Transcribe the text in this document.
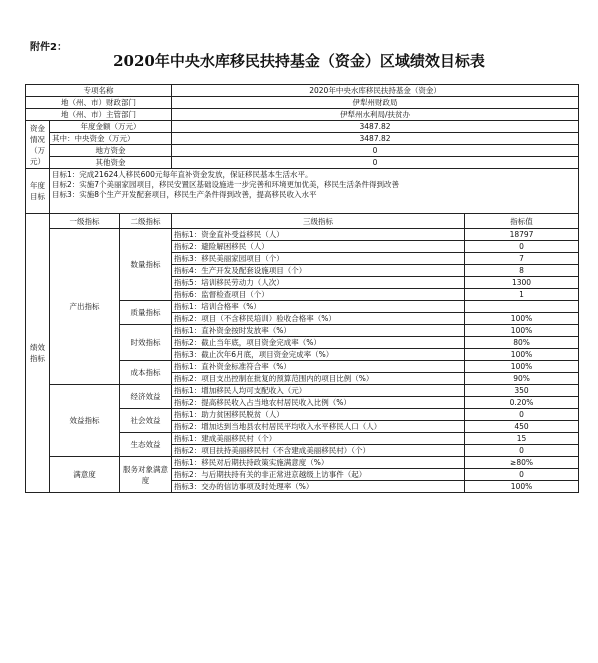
附件2：
2020年中央水库移民扶持基金（资金）区域绩效目标表
专项名称			2020年中央水库移民扶持基金（资金）	
地（州、市）财政部门			伊犁州财政局	
地（州、市）主管部门			伊犁州水利局/扶贫办	
资金情况（万元）	年度金额（万元）		3487.82	
	其中：中央资金（万元）		3487.82	
	地方资金		0	
	其他资金		0	
年度目标	目标1：完成21624人移民600元每年直补资金发放，保证移民基本生活水平。
目标2：实施7个美丽家园项目，移民安置区基础设施进一步完善和环境更加优美，移民生活条件得到改善
目标3：实施8个生产开发配套项目，移民生产条件得到改善，提高移民收入水平			

绩效指标	一级指标	二级指标	三级指标	指标值
	产出指标	数量指标	指标1：资金直补受益移民（人）	18797
			指标2：避险解困移民（人）	0
			指标3：移民美丽家园项目（个）	7
			指标4：生产开发及配套设施项目（个）	8
			指标5：培训移民劳动力（人次）	1300
			指标6：监督检查项目（个）	1
		质量指标	指标1：培训合格率（%）	
			指标2：项目（不含移民培训）验收合格率（%）	100%
		时效指标	指标1：直补资金按时发放率（%）	100%
			指标2：截止当年底，项目资金完成率（%）	80%
			指标3：截止次年6月底，项目资金完成率（%）	100%
		成本指标	指标1：直补资金标准符合率（%）	100%
			指标2：项目支出控制在批复的预算范围内的项目比例（%）	90%
	效益指标	经济效益	指标1：增加移民人均可支配收入（元）	350
			指标2：提高移民收入占当地农村居民收入比例（%）	0.20%
		社会效益	指标1：助力贫困移民脱贫（人）	0
			指标2：增加达到当地县农村居民平均收入水平移民人口（人）	450
		生态效益	指标1：建成美丽移民村（个）	15
			指标2：项目扶持美丽移民村（不含建成美丽移民村）（个）	0
	满意度	服务对象满意度	指标1：移民对后期扶持政策实施满意度（%）	≥80%
			指标2：与后期扶持有关的非正常进京越级上访事件（起）	0
			指标3：交办的信访事项及时处理率（%）	100%
